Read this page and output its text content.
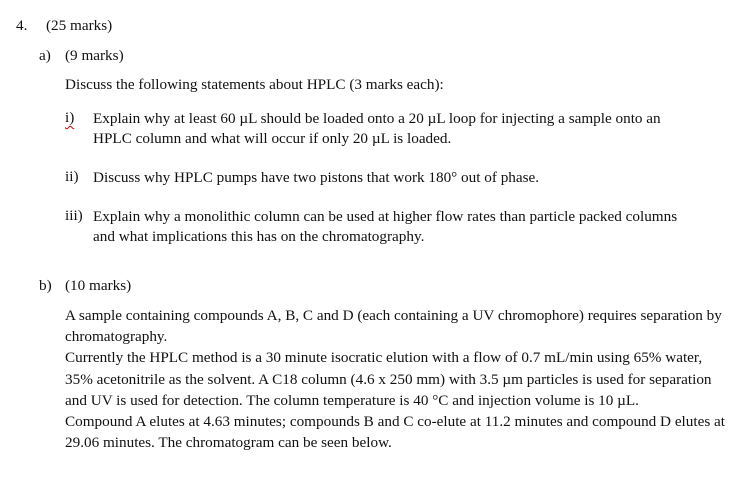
4. (25 marks)
a) (9 marks)
Discuss the following statements about HPLC (3 marks each):
i) Explain why at least 60 µL should be loaded onto a 20 µL loop for injecting a sample onto an
HPLC column and what will occur if only 20 µL is loaded.
ii) Discuss why HPLC pumps have two pistons that work 180° out of phase.
iii) Explain why a monolithic column can be used at higher flow rates than particle packed columns
and what implications this has on the chromatography.
b) (10 marks)

A sample containing compounds A, B, C and D (each containing a UV chromophore) requires separation by chromatography.

Currently the HPLC method is a 30 minute isocratic elution with a flow of 0.7 mL/min using 65% water, 35% acetonitrile as the solvent. A C18 column (4.6 x 250 mm) with 3.5 µm particles is used for separation and UV is used for detection. The column temperature is 40 °C and injection volume is 10 µL.

Compound A elutes at 4.63 minutes; compounds B and C co-elute at 11.2 minutes and compound D elutes at 29.06 minutes. The chromatogram can be seen below.
